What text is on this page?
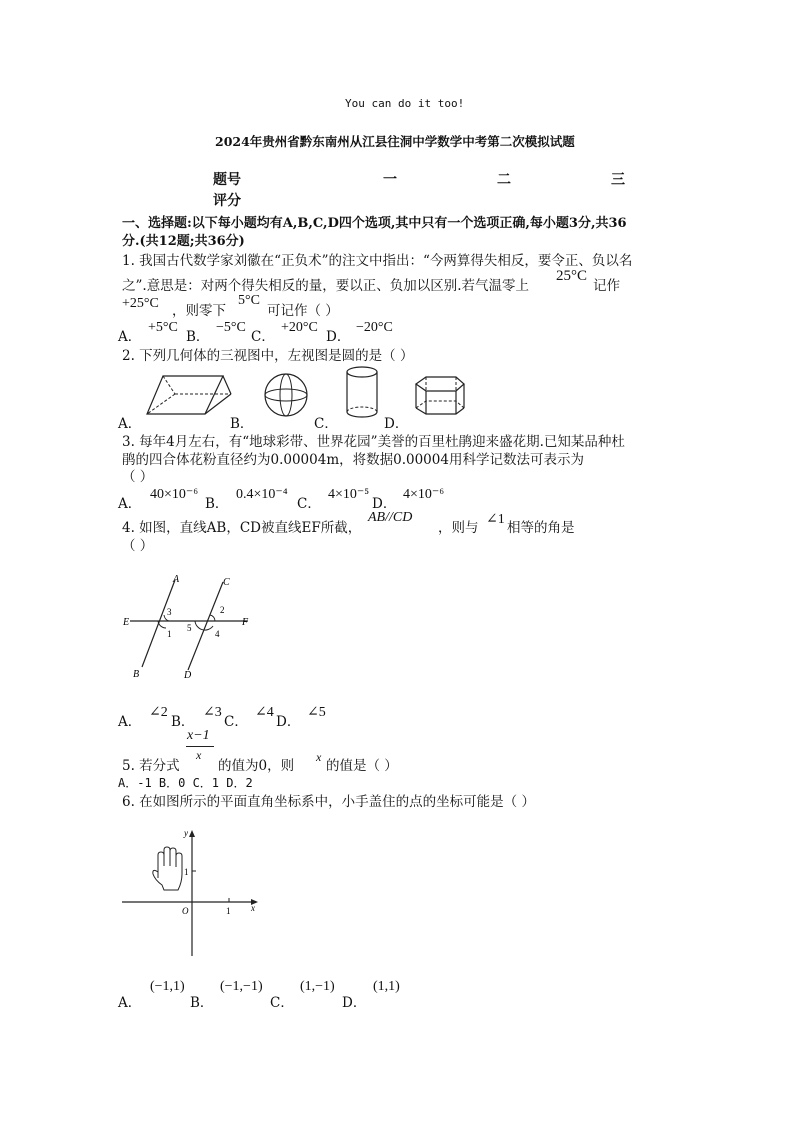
You can do it too!
2024年贵州省黔东南州从江县往洞中学数学中考第二次模拟试题
题号	一	二	三
评分
一、选择题:以下每小题均有A,B,C,D四个选项,其中只有一个选项正确,每小题3分,共36
分.(共12题;共36分)
1. 我国古代数学家刘徽在“正负术”的注文中指出：“今两算得失相反，要令正、负以名
之”.意思是：对两个得失相反的量，要以正、负加以区别.若气温零上
25°C
记作
+25°C ，则零下
5°C
可记作（ ）
A．
+5°C
B．
−5°C
C．
+20°C
D．
−20°C
2. 下列几何体的三视图中，左视图是圆的是（ ）
A．	B．	C．	D．
3. 每年4月左右，有“地球彩带、世界花园”美誉的百里杜鹃迎来盛花期.已知某品种杜
鹃的四合体花粉直径约为0.00004m，将数据0.00004用科学记数法可表示为
（ ）
A．
40×10⁻⁶
B．
0.4×10⁻⁴
C．
4×10⁻⁵
D．
4×10⁻⁶
4. 如图，直线AB，CD被直线EF所截，
AB//CD
，则与
∠1
相等的角是
（ ）
A	C
E	F
B	D
3
1
2
5
4
A．
∠2
B．
∠3
C．
∠4
D．
∠5
x−1
x
5. 若分式	的值为0，则
x
的值是（ ）
A．-1 B．0 C．1 D．2
6. 在如图所示的平面直角坐标系中，小手盖住的点的坐标可能是（ ）
x
y
O	1
1
A．
(−1,1)
B．
(−1,−1)
C．
(1,−1)
D．
(1,1)
